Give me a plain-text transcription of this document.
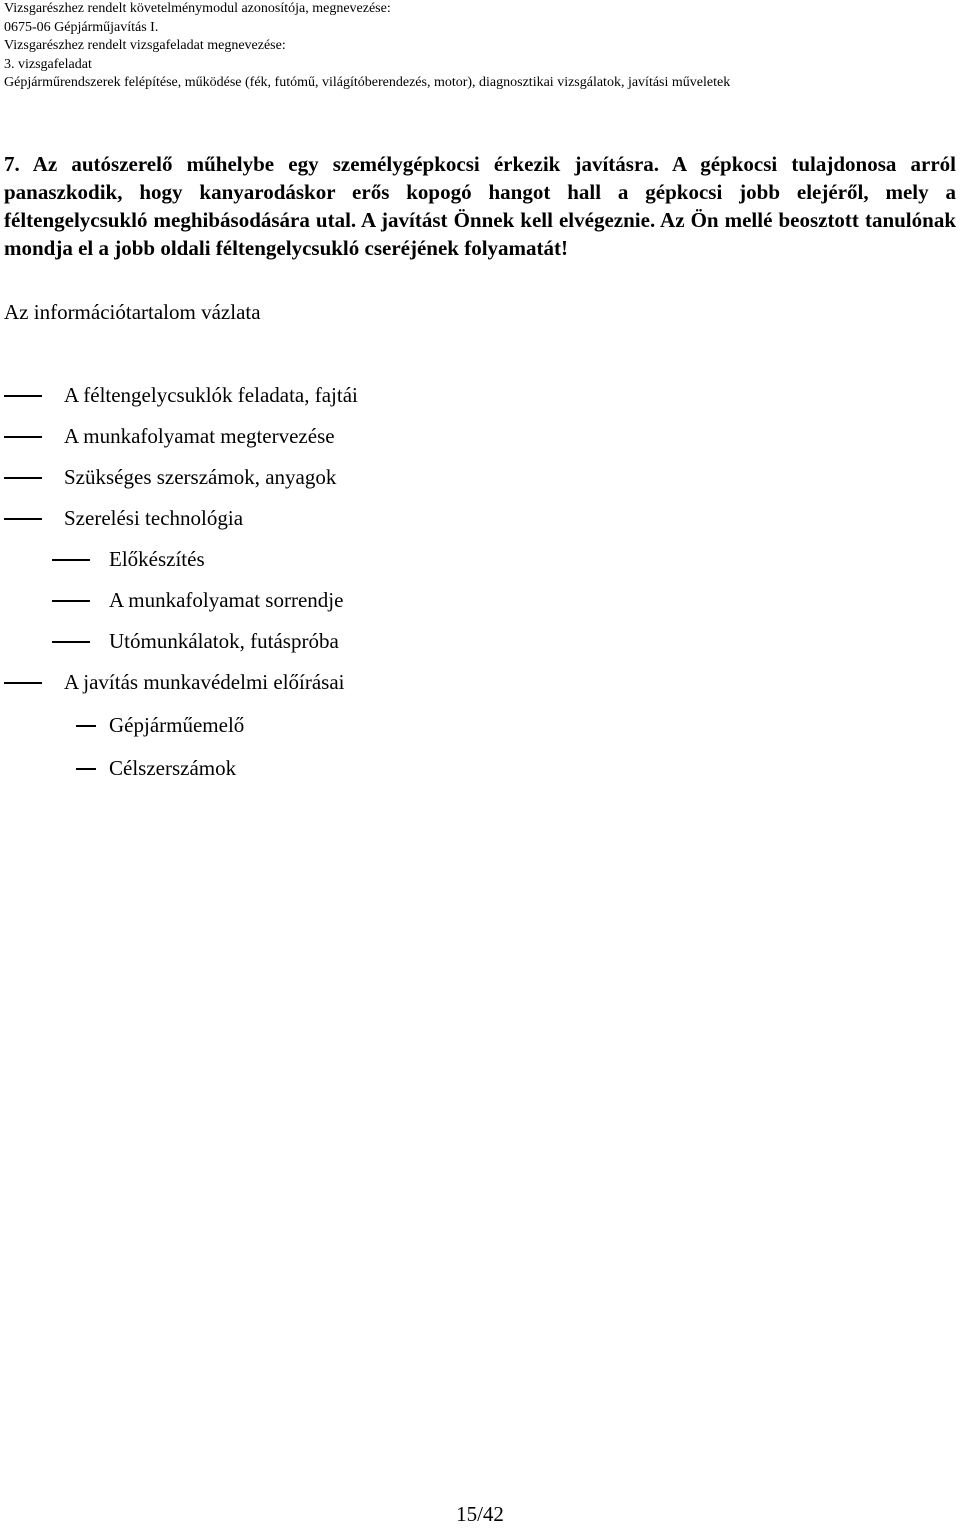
Vizsgarészhez rendelt követelménymodul azonosítója, megnevezése:
0675-06 Gépjárműjavítás I.
Vizsgarészhez rendelt vizsgafeladat megnevezése:
3. vizsgafeladat
Gépjárműrendszerek felépítése, működése (fék, futómű, világítóberendezés, motor), diagnosztikai vizsgálatok, javítási műveletek
7. Az autószerelő műhelybe egy személygépkocsi érkezik javításra. A gépkocsi tulajdonosa arról panaszkodik, hogy kanyarodáskor erős kopogó hangot hall a gépkocsi jobb elejéről, mely a féltengelycsukló meghibásodására utal. A javítást Önnek kell elvégeznie. Az Ön mellé beosztott tanulónak mondja el a jobb oldali féltengelycsukló cseréjének folyamatát!
Az információtartalom vázlata
A féltengelycsuklók feladata, fajtái
A munkafolyamat megtervezése
Szükséges szerszámok, anyagok
Szerelési technológia
Előkészítés
A munkafolyamat sorrendje
Utómunkálatok, futáspróba
A javítás munkavédelmi előírásai
Gépjárműemelő
Célszerszámok
15/42
